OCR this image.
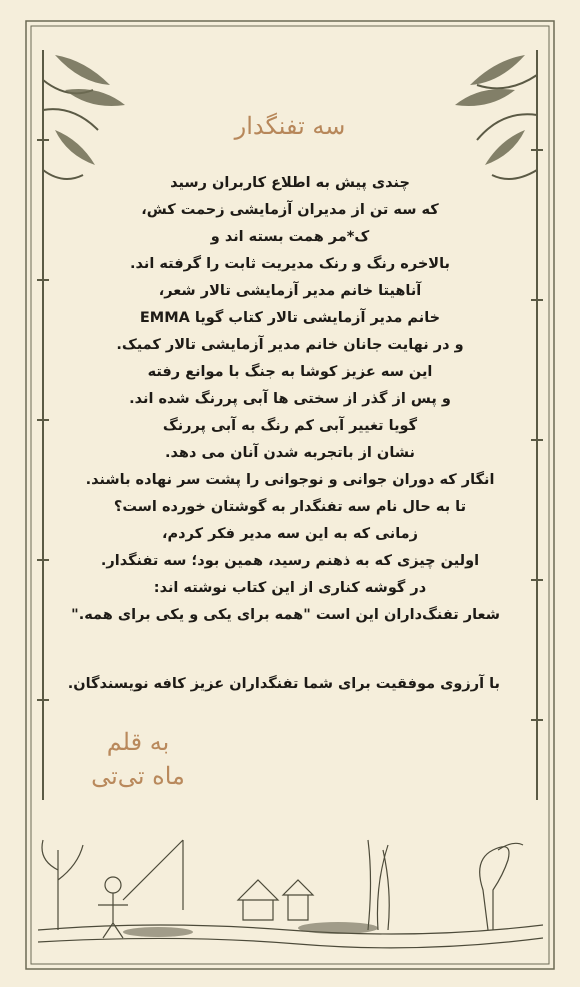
سه تفنگدار
چندی پیش به اطلاع کاربران رسید
که سه تن از مدیران آزمایشی زحمت کش،
ک*مر همت بسته اند و
بالاخره رنگ و رنک مدیریت ثابت را گرفته اند.
آناهیتا خانم مدیر آزمایشی تالار شعر،
خانم مدیر آزمایشی تالار کتاب گویا EMMA
و در نهایت جانان خانم مدیر آزمایشی تالار کمیک.
این سه عزیز کوشا به جنگ با موانع رفته
و پس از گذر از سختی ها آبی پررنگ شده اند.
گویا تغییر آبی کم رنگ به آبی پررنگ
نشان از باتجربه شدن آنان می دهد.
انگار که دوران جوانی و نوجوانی را پشت سر نهاده باشند.
تا به حال نام سه تفنگدار به گوشتان خورده است؟
زمانی که به این سه مدیر فکر کردم،
اولین چیزی که به ذهنم رسید، همین بود؛ سه تفنگدار.
در گوشه کناری از این کتاب نوشته اند:
شعار تفنگ‌داران این است "همه برای یکی و یکی برای همه."
با آرزوی موفقیت برای شما تفنگداران عزیز کافه نویسندگان.
به قلم
ماه تی‌تی
